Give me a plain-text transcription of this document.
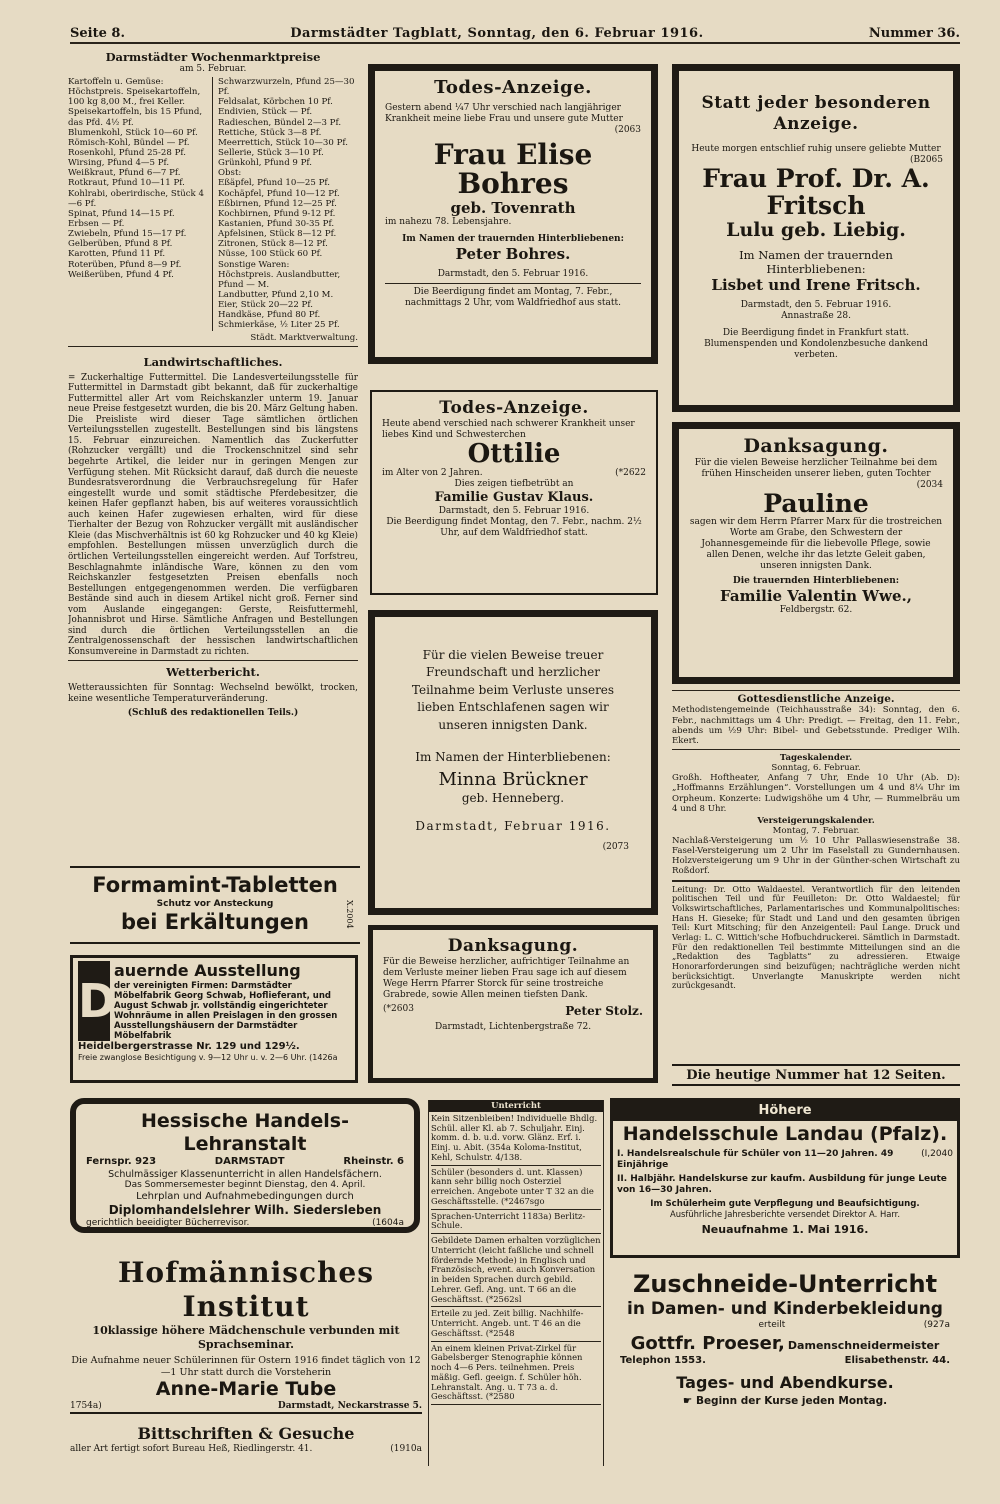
Seite 8.	Darmstädter Tagblatt, Sonntag, den 6. Februar 1916.	Nummer 36.
Darmstädter Wochenmarktpreise
am 5. Februar.
Kartoffeln u. Gemüse:
Höchstpreis. Speisekartoffeln, 100 kg 8,00 M., frei Keller.
Speisekartoffeln, bis 15 Pfund, das Pfd. 4½ Pf.
Blumenkohl, Stück 10—60 Pf.
Römisch-Kohl, Bündel — Pf.
Rosenkohl, Pfund 25-28 Pf.
Wirsing, Pfund 4—5 Pf.
Weißkraut, Pfund 6—7 Pf.
Rotkraut, Pfund 10—11 Pf.
Kohlrabi, oberirdische, Stück 4—6 Pf.
Spinat, Pfund 14—15 Pf.
Erbsen — Pf.
Zwiebeln, Pfund 15—17 Pf.
Gelberüben, Pfund 8 Pf.
Karotten, Pfund 11 Pf.
Roterüben, Pfund 8—9 Pf.
Weißerüben, Pfund 4 Pf.
Schwarzwurzeln, Pfund 25—30 Pf.
Feldsalat, Körbchen 10 Pf.
Endivien, Stück — Pf.
Radieschen, Bündel 2—3 Pf.
Rettiche, Stück 3—8 Pf.
Meerrettich, Stück 10—30 Pf.
Sellerie, Stück 3—10 Pf.
Grünkohl, Pfund 9 Pf.
Obst:
Eßäpfel, Pfund 10—25 Pf.
Kochäpfel, Pfund 10—12 Pf.
Eßbirnen, Pfund 12—25 Pf.
Kochbirnen, Pfund 9-12 Pf.
Kastanien, Pfund 30-35 Pf.
Apfelsinen, Stück 8—12 Pf.
Zitronen, Stück 8—12 Pf.
Nüsse, 100 Stück 60 Pf.
Sonstige Waren:
Höchstpreis. Auslandbutter, Pfund — M.
Landbutter, Pfund 2,10 M.
Eier, Stück 20—22 Pf.
Handkäse, Pfund 80 Pf.
Schmierkäse, ½ Liter 25 Pf.
Städt. Marktverwaltung.
Landwirtschaftliches.
= Zuckerhaltige Futtermittel. Die Landesverteilungsstelle für Futtermittel in Darmstadt gibt bekannt, daß für zuckerhaltige Futtermittel aller Art vom Reichskanzler unterm 19. Januar neue Preise festgesetzt wurden, die bis 20. März Geltung haben. Die Preisliste wird dieser Tage sämtlichen örtlichen Verteilungsstellen zugestellt. Bestellungen sind bis längstens 15. Februar einzureichen. Namentlich das Zuckerfutter (Rohzucker vergällt) und die Trockenschnitzel sind sehr begehrte Artikel, die leider nur in geringen Mengen zur Verfügung stehen. Mit Rücksicht darauf, daß durch die neueste Bundesratsverordnung die Verbrauchsregelung für Hafer eingestellt wurde und somit städtische Pferdebesitzer, die keinen Hafer gepflanzt haben, bis auf weiteres voraussichtlich auch keinen Hafer zugewiesen erhalten, wird für diese Tierhalter der Bezug von Rohzucker vergällt mit ausländischer Kleie (das Mischverhältnis ist 60 kg Rohzucker und 40 kg Kleie) empfohlen. Bestellungen müssen unverzüglich durch die örtlichen Verteilungsstellen eingereicht werden. Auf Torfstreu, Beschlagnahmte inländische Ware, können zu den vom Reichskanzler festgesetzten Preisen ebenfalls noch Bestellungen entgegengenommen werden. Die verfügbaren Bestände sind auch in diesem Artikel nicht groß. Ferner sind vom Auslande eingegangen: Gerste, Reisfuttermehl, Johannisbrot und Hirse. Sämtliche Anfragen und Bestellungen sind durch die örtlichen Verteilungsstellen an die Zentralgenossenschaft der hessischen landwirtschaftlichen Konsumvereine in Darmstadt zu richten.
Wetterbericht.
Wetteraussichten für Sonntag: Wechselnd bewölkt, trocken, keine wesentliche Temperaturveränderung.
(Schluß des redaktionellen Teils.)
Formamint-Tabletten
Schutz vor Ansteckung
bei Erkältungen	X.2004
D
auernde Ausstellung
der vereinigten Firmen: Darmstädter Möbelfabrik Georg Schwab, Hoflieferant, und August Schwab jr. vollständig eingerichteter Wohnräume in allen Preislagen in den grossen Ausstellungshäusern der Darmstädter Möbelfabrik
Heidelbergerstrasse Nr. 129 und 129½.
Freie zwanglose Besichtigung v. 9—12 Uhr u. v. 2—6 Uhr. (1426a
Todes-Anzeige.
Gestern abend ¼7 Uhr verschied nach langjähriger Krankheit meine liebe Frau und unsere gute Mutter
(2063
Frau Elise Bohres
geb. Tovenrath
im nahezu 78. Lebensjahre.
Im Namen der trauernden Hinterbliebenen:
Peter Bohres.
Darmstadt, den 5. Februar 1916.
Die Beerdigung findet am Montag, 7. Febr., nachmittags 2 Uhr, vom Waldfriedhof aus statt.
Todes-Anzeige.
Heute abend verschied nach schwerer Krankheit unser liebes Kind und Schwesterchen
Ottilie
im Alter von 2 Jahren.	(*2622
Dies zeigen tiefbetrübt an
Familie Gustav Klaus.
Darmstadt, den 5. Februar 1916.
Die Beerdigung findet Montag, den 7. Febr., nachm. 2½ Uhr, auf dem Waldfriedhof statt.
Für die vielen Beweise treuer Freundschaft und herzlicher Teilnahme beim Verluste unseres lieben Entschlafenen sagen wir unseren innigsten Dank.
Im Namen der Hinterbliebenen:
Minna Brückner
geb. Henneberg.
Darmstadt, Februar 1916.
(2073
Danksagung.
Für die Beweise herzlicher, aufrichtiger Teilnahme an dem Verluste meiner lieben Frau sage ich auf diesem Wege Herrn Pfarrer Storck für seine trostreiche Grabrede, sowie Allen meinen tiefsten Dank.
(*2603	Peter Stolz.
Darmstadt, Lichtenbergstraße 72.
Statt jeder besonderen Anzeige.
Heute morgen entschlief ruhig unsere geliebte Mutter
(B2065
Frau Prof. Dr. A. Fritsch
Lulu geb. Liebig.
Im Namen der trauernden Hinterbliebenen:
Lisbet und Irene Fritsch.
Darmstadt, den 5. Februar 1916.
Annastraße 28.
Die Beerdigung findet in Frankfurt statt.
Blumenspenden und Kondolenzbesuche dankend verbeten.
Danksagung.
Für die vielen Beweise herzlicher Teilnahme bei dem frühen Hinscheiden unserer lieben, guten Tochter
(2034
Pauline
sagen wir dem Herrn Pfarrer Marx für die trostreichen Worte am Grabe, den Schwestern der Johannesgemeinde für die liebevolle Pflege, sowie allen Denen, welche ihr das letzte Geleit gaben, unseren innigsten Dank.
Die trauernden Hinterbliebenen:
Familie Valentin Wwe.,
Feldbergstr. 62.
Gottesdienstliche Anzeige.
Methodistengemeinde (Teichhausstraße 34): Sonntag, den 6. Febr., nachmittags um 4 Uhr: Predigt. — Freitag, den 11. Febr., abends um ½9 Uhr: Bibel- und Gebetsstunde. Prediger Wilh. Ekert.
Tageskalender.
Sonntag, 6. Februar.
Großh. Hoftheater, Anfang 7 Uhr, Ende 10 Uhr (Ab. D): „Hoffmanns Erzählungen“. Vorstellungen um 4 und 8¼ Uhr im Orpheum. Konzerte: Ludwigshöhe um 4 Uhr, — Rummelbräu um 4 und 8 Uhr.
Versteigerungskalender.
Montag, 7. Februar.
Nachlaß-Versteigerung um ½ 10 Uhr Pallaswiesenstraße 38. Fasel-Versteigerung um 2 Uhr im Faselstall zu Gundernhausen. Holzversteigerung um 9 Uhr in der Günther-schen Wirtschaft zu Roßdorf.
Leitung: Dr. Otto Waldaestel. Verantwortlich für den leitenden politischen Teil und für Feuilleton: Dr. Otto Waldaestel; für Volkswirtschaftliches, Parlamentarisches und Kommunalpolitisches: Hans H. Gieseke; für Stadt und Land und den gesamten übrigen Teil: Kurt Mitsching; für den Anzeigenteil: Paul Lange. Druck und Verlag: L. C. Wittich'sche Hofbuchdruckerei. Sämtlich in Darmstadt. Für den redaktionellen Teil bestimmte Mitteilungen sind an die „Redaktion des Tagblatts“ zu adressieren. Etwaige Honorarforderungen sind beizufügen; nachträgliche werden nicht berücksichtigt. Unverlangte Manuskripte werden nicht zurückgesandt.
Die heutige Nummer hat 12 Seiten.
Hessische Handels-Lehranstalt
Fernspr. 923	DARMSTADT	Rheinstr. 6
Schulmässiger Klassenunterricht in allen Handelsfächern.
Das Sommersemester beginnt Dienstag, den 4. April.
Lehrplan und Aufnahmebedingungen durch
Diplomhandelslehrer Wilh. Siedersleben
gerichtlich beeidigter Bücherrevisor.	(1604a
Hofmännisches Institut
10klassige höhere Mädchenschule verbunden mit Sprachseminar.
Die Aufnahme neuer Schülerinnen für Ostern 1916 findet täglich von 12—1 Uhr statt durch die Vorsteherin
Anne-Marie Tube
1754a)	Darmstadt, Neckarstrasse 5.
Bittschriften & Gesuche
aller Art fertigt sofort Bureau Heß, Riedlingerstr. 41.	(1910a
Unterricht
Kein Sitzenbleiben! Individuelle Bhdlg. Schül. aller Kl. ab 7. Schuljahr. Einj. komm. d. b. u.d. vorw. Glänz. Erf. i. Einj. u. Abit. (354a Koloma-Institut, Kehl, Schulstr. 4/138.
Schüler (besonders d. unt. Klassen) kann sehr billig noch Osterziel erreichen. Angebote unter T 32 an die Geschäftsstelle. (*2467sgo
Sprachen-Unterricht 1183a) Berlitz-Schule.
Gebildete Damen erhalten vorzüglichen Unterricht (leicht faßliche und schnell fördernde Methode) in Englisch und Französisch, event. auch Konversation in beiden Sprachen durch gebild. Lehrer. Gefl. Ang. unt. T 66 an die Geschäftsst. (*2562sl
Erteile zu jed. Zeit billig. Nachhilfe-Unterricht. Angeb. unt. T 46 an die Geschäftsst. (*2548
An einem kleinen Privat-Zirkel für Gabelsberger Stenographie können noch 4—6 Pers. teilnehmen. Preis mäßig. Gefl. geeign. f. Schüler höh. Lehranstalt. Ang. u. T 73 a. d. Geschäftsst. (*2580
Höhere
Handelsschule Landau (Pfalz).
I. Handelsrealschule für Schüler von 11—20 Jahren. 49 Einjährige
(I,2040
II. Halbjähr. Handelskurse zur kaufm. Ausbildung für junge Leute von 16—30 Jahren.
Im Schülerheim gute Verpflegung und Beaufsichtigung.
Ausführliche Jahresberichte versendet Direktor A. Harr.
Neuaufnahme 1. Mai 1916.
Zuschneide-Unterricht
in Damen- und Kinderbekleidung
erteilt	(927a
Gottfr. Proeser, Damenschneidermeister
Telephon 1553.	Elisabethenstr. 44.
Tages- und Abendkurse.
☛ Beginn der Kurse jeden Montag.
